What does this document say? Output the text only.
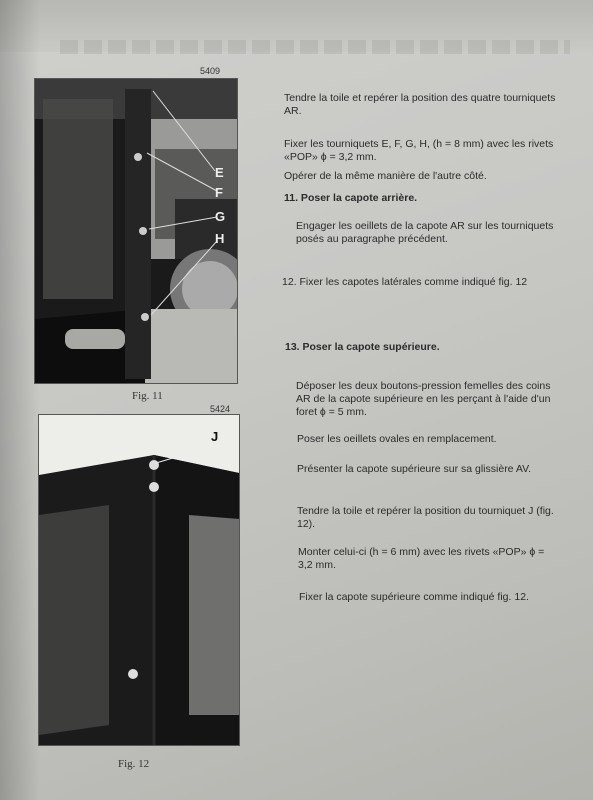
5409
E
F
G
H
Fig. 11
5424
J
Fig. 12
Tendre la toile et repérer la position des quatre tourniquets AR.
Fixer les tourniquets E, F, G, H, (h = 8 mm) avec les rivets «POP» ϕ = 3,2 mm.
Opérer de la même manière de l'autre côté.
11. Poser la capote arrière.
Engager les oeillets de la capote AR sur les tourniquets posés au paragraphe précédent.
12. Fixer les capotes latérales comme indiqué fig. 12
13. Poser la capote supérieure.
Déposer les deux boutons-pression femelles des coins AR de la capote supérieure en les perçant à l'aide d'un foret ϕ = 5 mm.
Poser les oeillets ovales en remplacement.
Présenter la capote supérieure sur sa glissière AV.
Tendre la toile et repérer la position du tourniquet J (fig. 12).
Monter celui-ci (h = 6 mm) avec les rivets «POP» ϕ = 3,2 mm.
Fixer la capote supérieure comme indiqué fig. 12.
